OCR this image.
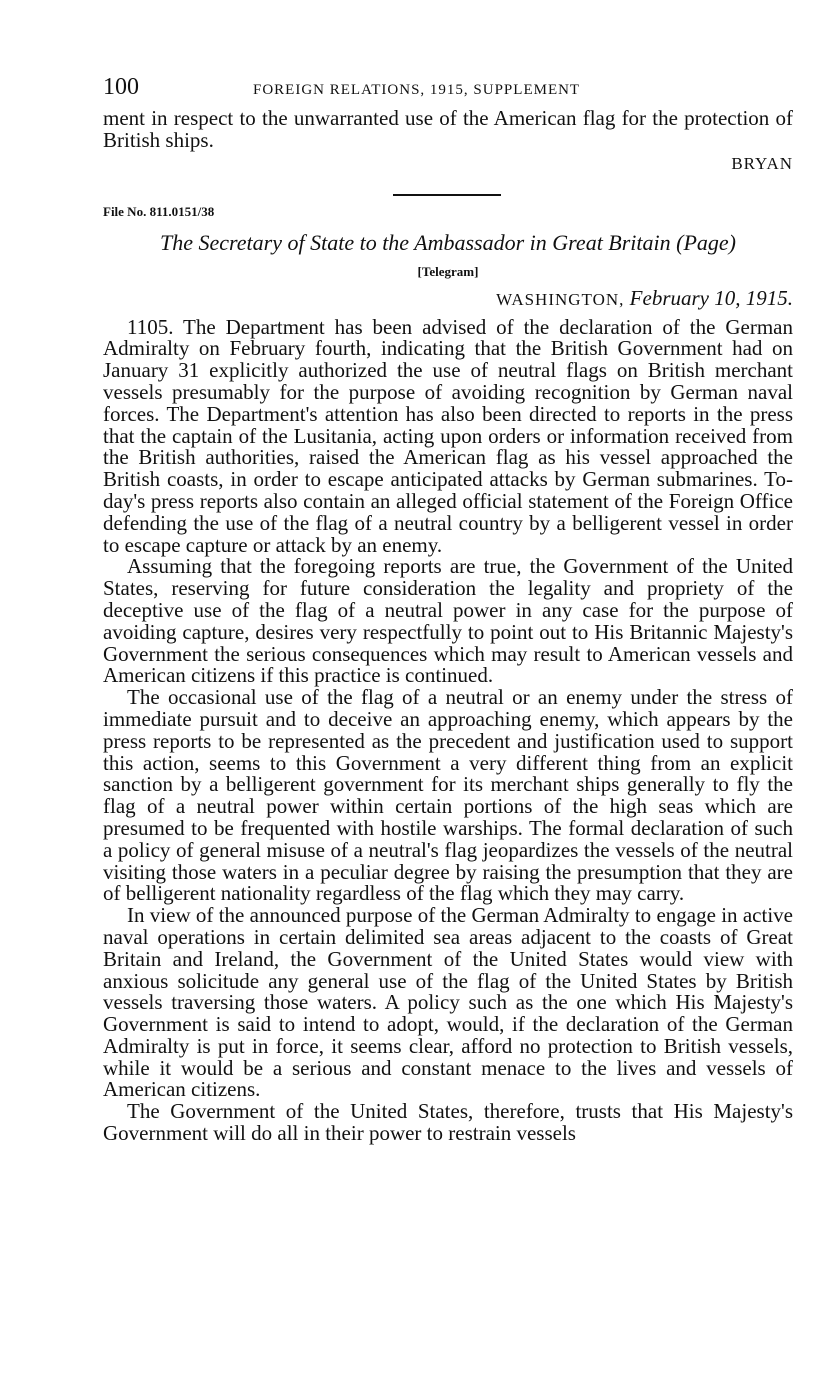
100	FOREIGN RELATIONS, 1915, SUPPLEMENT

ment in respect to the unwarranted use of the American flag for the protection of British ships.

BRYAN
File No. 811.0151/38
The Secretary of State to the Ambassador in Great Britain (Page)
[Telegram]
WASHINGTON, February 10, 1915.

1105. The Department has been advised of the declaration of the German Admiralty on February fourth, indicating that the British Government had on January 31 explicitly authorized the use of neutral flags on British merchant vessels presumably for the purpose of avoiding recognition by German naval forces. The Department's attention has also been directed to reports in the press that the captain of the Lusitania, acting upon orders or information received from the British authorities, raised the American flag as his vessel approached the British coasts, in order to escape anticipated attacks by German submarines. To-day's press reports also contain an alleged official statement of the Foreign Office defending the use of the flag of a neutral country by a belligerent vessel in order to escape capture or attack by an enemy.

Assuming that the foregoing reports are true, the Government of the United States, reserving for future consideration the legality and propriety of the deceptive use of the flag of a neutral power in any case for the purpose of avoiding capture, desires very respectfully to point out to His Britannic Majesty's Government the serious consequences which may result to American vessels and American citizens if this practice is continued.

The occasional use of the flag of a neutral or an enemy under the stress of immediate pursuit and to deceive an approaching enemy, which appears by the press reports to be represented as the precedent and justification used to support this action, seems to this Government a very different thing from an explicit sanction by a belligerent government for its merchant ships generally to fly the flag of a neutral power within certain portions of the high seas which are presumed to be frequented with hostile warships. The formal declaration of such a policy of general misuse of a neutral's flag jeopardizes the vessels of the neutral visiting those waters in a peculiar degree by raising the presumption that they are of belligerent nationality regardless of the flag which they may carry.

In view of the announced purpose of the German Admiralty to engage in active naval operations in certain delimited sea areas adjacent to the coasts of Great Britain and Ireland, the Government of the United States would view with anxious solicitude any general use of the flag of the United States by British vessels traversing those waters. A policy such as the one which His Majesty's Government is said to intend to adopt, would, if the declaration of the German Admiralty is put in force, it seems clear, afford no protection to British vessels, while it would be a serious and constant menace to the lives and vessels of American citizens.

The Government of the United States, therefore, trusts that His Majesty's Government will do all in their power to restrain vessels
